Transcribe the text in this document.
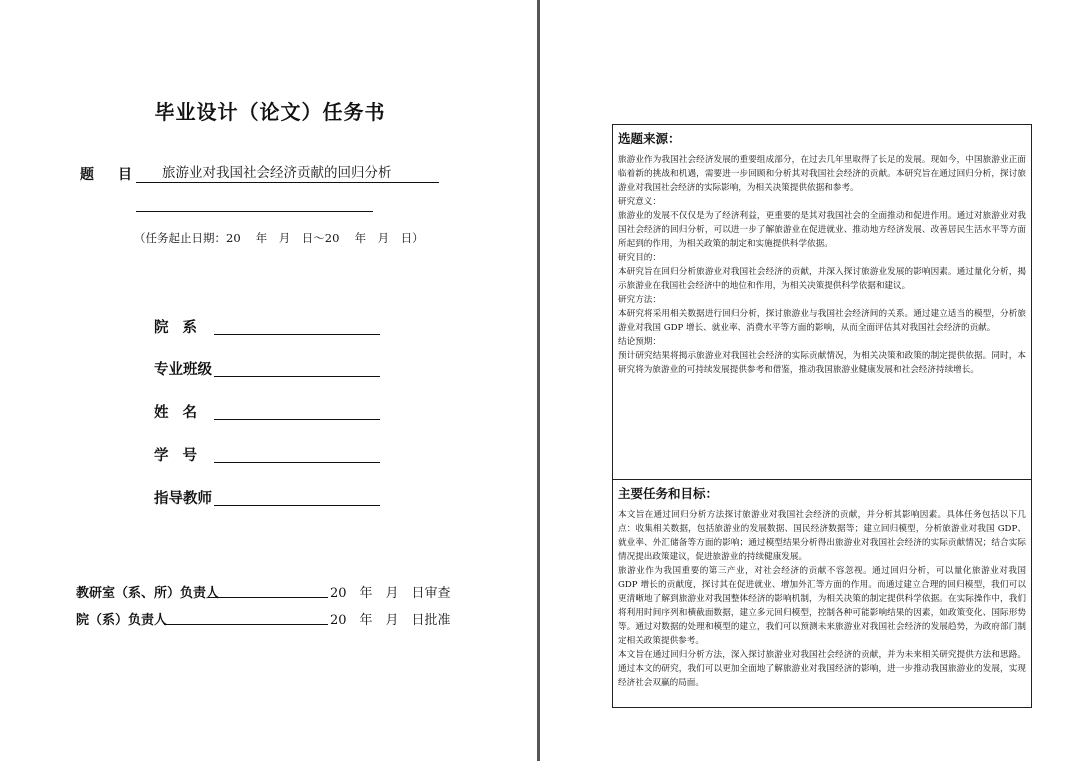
毕业设计（论文）任务书
题目 旅游业对我国社会经济贡献的回归分析
（任务起止日期：20　 年　月　日～20　 年　月　日）
院系
专业班级
姓名
学号
指导教师
教研室（系、所）负责人	20　年　月　日审查
院（系）负责人	20　年　月　日批准
选题来源：

旅游业作为我国社会经济发展的重要组成部分，在过去几年里取得了长足的发展。现如今，中国旅游业正面临着新的挑战和机遇，需要进一步回顾和分析其对我国社会经济的贡献。本研究旨在通过回归分析，探讨旅游业对我国社会经济的实际影响，为相关决策提供依据和参考。

研究意义：

旅游业的发展不仅仅是为了经济利益，更重要的是其对我国社会的全面推动和促进作用。通过对旅游业对我国社会经济的回归分析，可以进一步了解旅游业在促进就业、推动地方经济发展、改善居民生活水平等方面所起到的作用，为相关政策的制定和实施提供科学依据。

研究目的：

本研究旨在回归分析旅游业对我国社会经济的贡献，并深入探讨旅游业发展的影响因素。通过量化分析，揭示旅游业在我国社会经济中的地位和作用，为相关决策提供科学依据和建议。

研究方法：

本研究将采用相关数据进行回归分析，探讨旅游业与我国社会经济间的关系。通过建立适当的模型，分析旅游业对我国 GDP 增长、就业率、消费水平等方面的影响，从而全面评估其对我国社会经济的贡献。

结论预期：

预计研究结果将揭示旅游业对我国社会经济的实际贡献情况，为相关决策和政策的制定提供依据。同时，本研究将为旅游业的可持续发展提供参考和借鉴，推动我国旅游业健康发展和社会经济持续增长。

主要任务和目标：

本文旨在通过回归分析方法探讨旅游业对我国社会经济的贡献，并分析其影响因素。具体任务包括以下几点：收集相关数据，包括旅游业的发展数据、国民经济数据等；建立回归模型，分析旅游业对我国 GDP、就业率、外汇储备等方面的影响；通过模型结果分析得出旅游业对我国社会经济的实际贡献情况；结合实际情况提出政策建议，促进旅游业的持续健康发展。

旅游业作为我国重要的第三产业，对社会经济的贡献不容忽视。通过回归分析，可以量化旅游业对我国 GDP 增长的贡献度，探讨其在促进就业、增加外汇等方面的作用。而通过建立合理的回归模型，我们可以更清晰地了解到旅游业对我国整体经济的影响机制，为相关决策的制定提供科学依据。在实际操作中，我们将利用时间序列和横截面数据，建立多元回归模型，控制各种可能影响结果的因素，如政策变化、国际形势等。通过对数据的处理和模型的建立，我们可以预测未来旅游业对我国社会经济的发展趋势，为政府部门制定相关政策提供参考。

本文旨在通过回归分析方法，深入探讨旅游业对我国社会经济的贡献，并为未来相关研究提供方法和思路。通过本文的研究，我们可以更加全面地了解旅游业对我国经济的影响，进一步推动我国旅游业的发展，实现经济社会双赢的局面。
